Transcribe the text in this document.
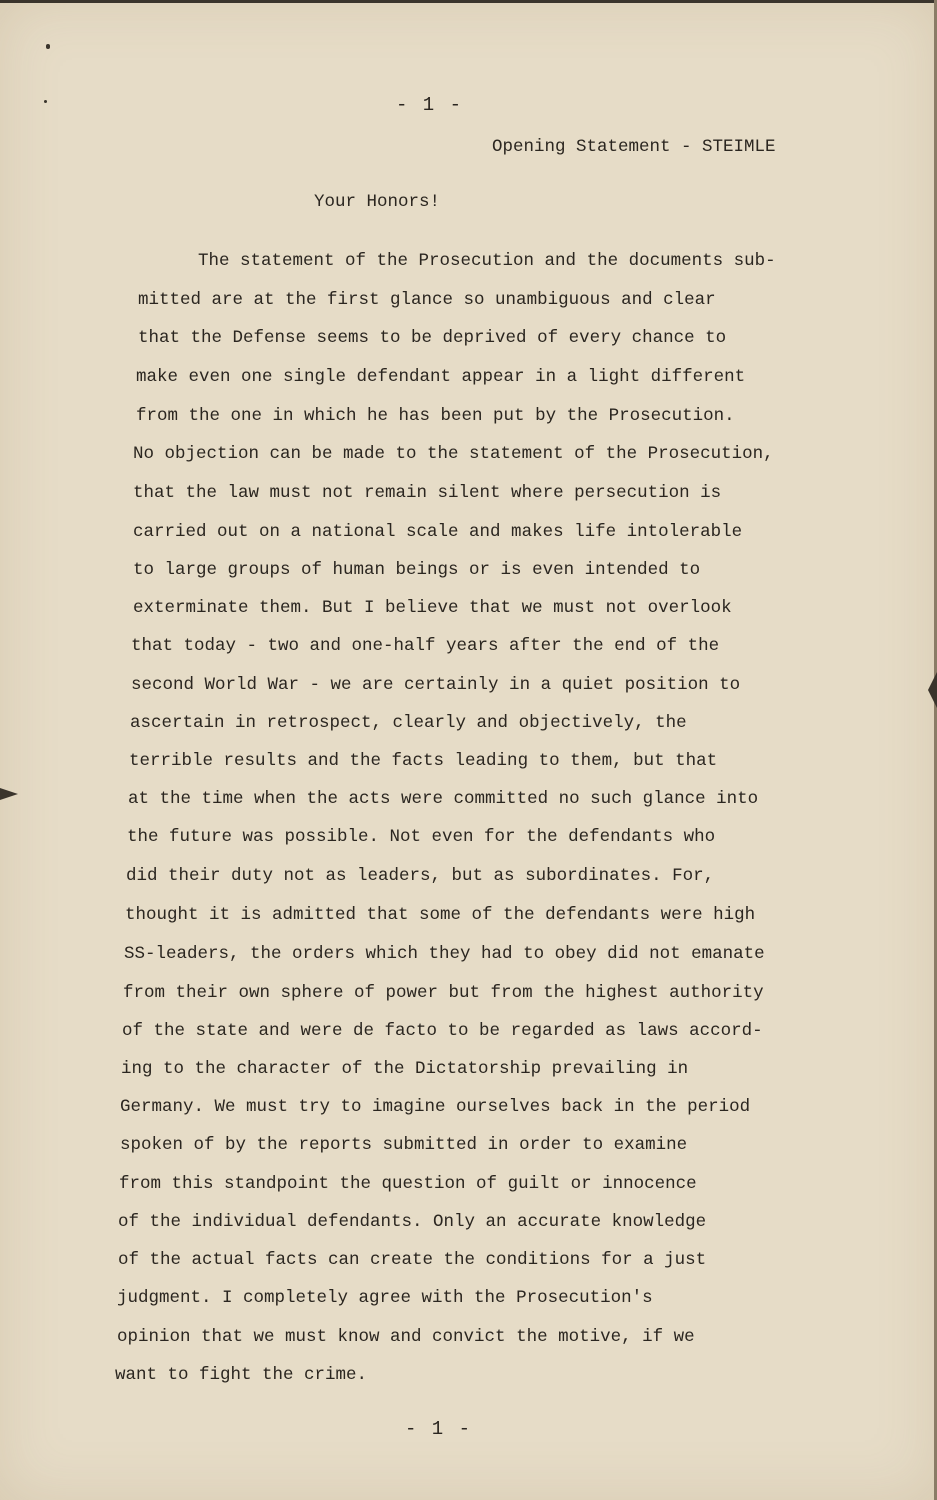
- 1 -
Opening Statement - STEIMLE
Your Honors!
The statement of the Prosecution and the documents sub-
mitted are at the first glance so unambiguous and clear
that the Defense seems to be deprived of every chance to
make even one single defendant appear in a light different
from the one in which he has been put by the Prosecution.
No objection can be made to the statement of the Prosecution,
that the law must not remain silent where persecution is
carried out on a national scale and makes life intolerable
to large groups of human beings or is even intended to
exterminate them. But I believe that we must not overlook
that today - two and one-half years after the end of the
second World War - we are certainly in a quiet position to
ascertain in retrospect, clearly and objectively, the
terrible results and the facts leading to them, but that
at the time when the acts were committed no such glance into
the future was possible. Not even for the defendants who
did their duty not as leaders, but as subordinates. For,
thought it is admitted that some of the defendants were high
SS-leaders, the orders which they had to obey did not emanate
from their own sphere of power but from the highest authority
of the state and were de facto to be regarded as laws accord-
ing to the character of the Dictatorship prevailing in
Germany. We must try to imagine ourselves back in the period
spoken of by the reports submitted in order to examine
from this standpoint the question of guilt or innocence
of the individual defendants. Only an accurate knowledge
of the actual facts can create the conditions for a just
judgment. I completely agree with the Prosecution's
opinion that we must know and convict the motive, if we
want to fight the crime.
- 1 -
